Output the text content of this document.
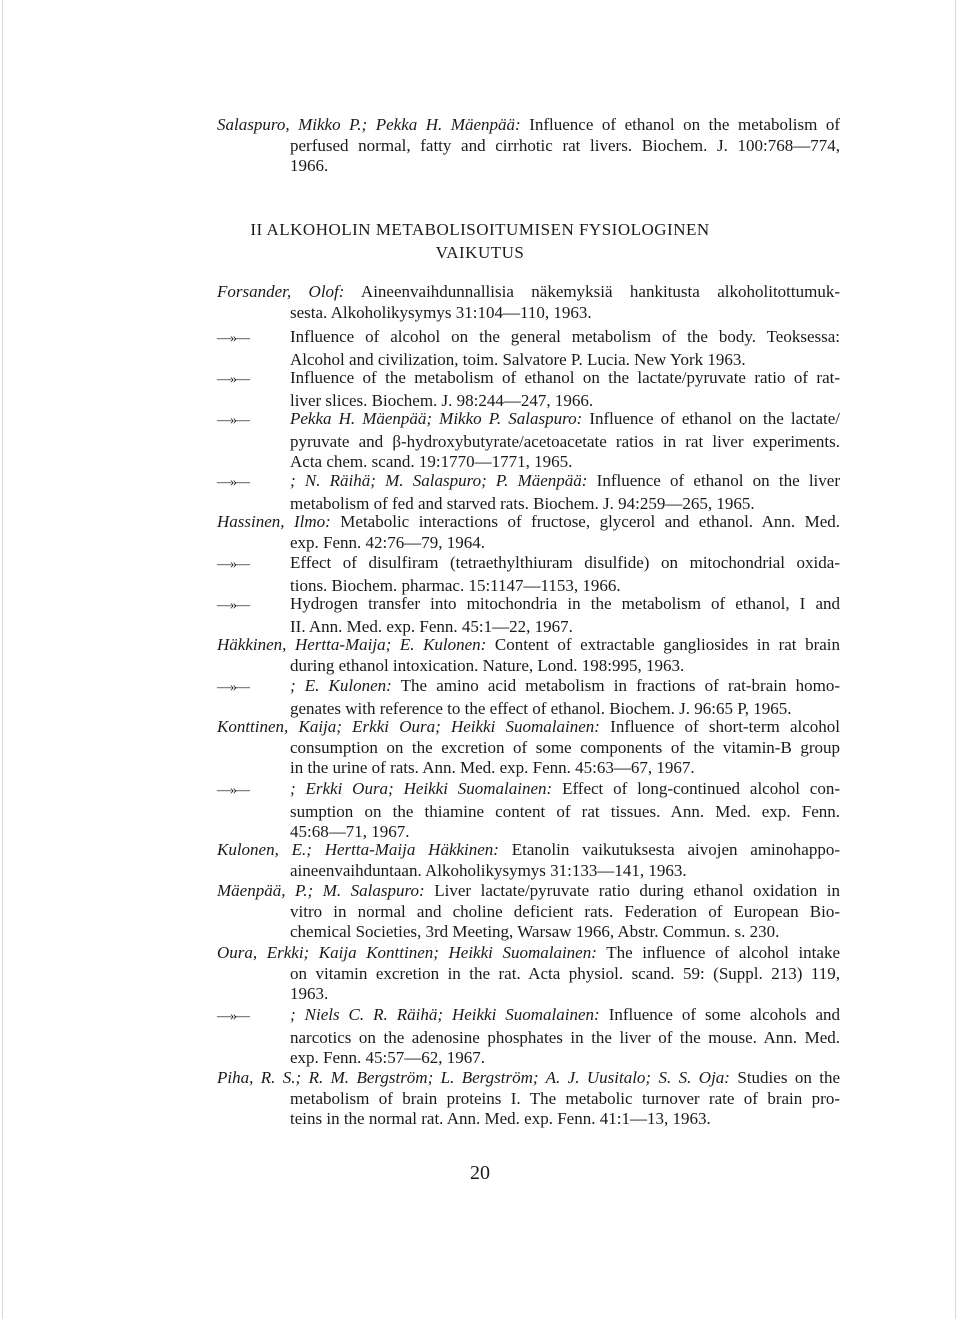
Salaspuro, Mikko P.; Pekka H. Mäenpää: Influence of ethanol on the metabolism of
perfused normal, fatty and cirrhotic rat livers. Biochem. J. 100:768—774,
1966.
Forsander, Olof: Aineenvaihdunnallisia näkemyksiä hankitusta alkoholitottumuk-
sesta. Alkoholikysymys 31:104—110, 1963.
—»— Influence of alcohol on the general metabolism of the body. Teoksessa:
Alcohol and civilization, toim. Salvatore P. Lucia. New York 1963.
—»— Influence of the metabolism of ethanol on the lactate/pyruvate ratio of rat-
liver slices. Biochem. J. 98:244—247, 1966.
—»— Pekka H. Mäenpää; Mikko P. Salaspuro: Influence of ethanol on the lactate/
pyruvate and β-hydroxybutyrate/acetoacetate ratios in rat liver experiments.
Acta chem. scand. 19:1770—1771, 1965.
—»— ; N. Räihä; M. Salaspuro; P. Mäenpää: Influence of ethanol on the liver
metabolism of fed and starved rats. Biochem. J. 94:259—265, 1965.
Hassinen, Ilmo: Metabolic interactions of fructose, glycerol and ethanol. Ann. Med.
exp. Fenn. 42:76—79, 1964.
—»— Effect of disulfiram (tetraethylthiuram disulfide) on mitochondrial oxida-
tions. Biochem. pharmac. 15:1147—1153, 1966.
—»— Hydrogen transfer into mitochondria in the metabolism of ethanol, I and
II. Ann. Med. exp. Fenn. 45:1—22, 1967.
Häkkinen, Hertta-Maija; E. Kulonen: Content of extractable gangliosides in rat brain
during ethanol intoxication. Nature, Lond. 198:995, 1963.
—»— ; E. Kulonen: The amino acid metabolism in fractions of rat-brain homo-
genates with reference to the effect of ethanol. Biochem. J. 96:65 P, 1965.
Konttinen, Kaija; Erkki Oura; Heikki Suomalainen: Influence of short-term alcohol
consumption on the excretion of some components of the vitamin-B group
in the urine of rats. Ann. Med. exp. Fenn. 45:63—67, 1967.
—»— ; Erkki Oura; Heikki Suomalainen: Effect of long-continued alcohol con-
sumption on the thiamine content of rat tissues. Ann. Med. exp. Fenn.
45:68—71, 1967.
Kulonen, E.; Hertta-Maija Häkkinen: Etanolin vaikutuksesta aivojen aminohappo-
aineenvaihduntaan. Alkoholikysymys 31:133—141, 1963.
Mäenpää, P.; M. Salaspuro: Liver lactate/pyruvate ratio during ethanol oxidation in
vitro in normal and choline deficient rats. Federation of European Bio-
chemical Societies, 3rd Meeting, Warsaw 1966, Abstr. Commun. s. 230.
Oura, Erkki; Kaija Konttinen; Heikki Suomalainen: The influence of alcohol intake
on vitamin excretion in the rat. Acta physiol. scand. 59: (Suppl. 213) 119,
1963.
—»— ; Niels C. R. Räihä; Heikki Suomalainen: Influence of some alcohols and
narcotics on the adenosine phosphates in the liver of the mouse. Ann. Med.
exp. Fenn. 45:57—62, 1967.
Piha, R. S.; R. M. Bergström; L. Bergström; A. J. Uusitalo; S. S. Oja: Studies on the
metabolism of brain proteins I. The metabolic turnover rate of brain pro-
teins in the normal rat. Ann. Med. exp. Fenn. 41:1—13, 1963.
II ALKOHOLIN METABOLISOITUMISEN FYSIOLOGINEN
VAIKUTUS
20
